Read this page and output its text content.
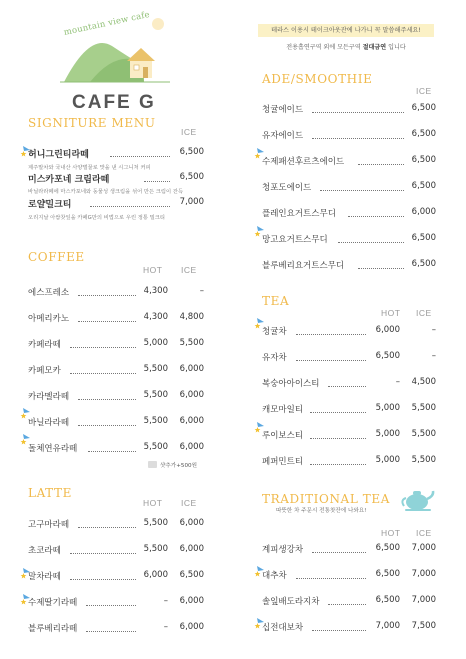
mountain view cafe
CAFE G
테라스 이용시 테이크아웃잔에 나가니 꼭 말씀해주세요!
전용흡연구역 외에 모든구역 절대금연 입니다
SIGNITURE MENU
ICE
허니그린티라떼	6,500
제주말차와 국내산 사양벌꿀로 맛을 낸 시그니처 커피
미스카포네 크림라떼	6,500
바닐라라떼에 마스카포네와 동물성 생크림을 섞어 만든 크림이 잔득
로얄밀크티	7,000
오리지날 아쌈찻잎을 카페G만의 비법으로 우린 정통 밀크티
COFFEE
HOT ICE
에스프레소	4,300	–
아메리카노	4,300	4,800
카페라떼	5,000	5,500
카페모카	5,500	6,000
카라멜라떼	5,500	6,000
바닐라라떼	5,500	6,000
돌체연유라떼	5,500	6,000
샷추가+500원
LATTE
HOT ICE
고구마라떼	5,500	6,000
초코라떼	5,500	6,000
말차라떼	6,000	6,500
수제딸기라떼	–	6,000
블루베리라떼	–	6,000
ADE/SMOOTHIE
ICE
청귤에이드	6,500
유자에이드	6,500
수제패션후르츠에이드	6,500
청포도에이드	6,500
플레인요거트스무디	6,000
망고요거트스무디	6,500
블루베리요거트스무디	6,500
TEA
HOT ICE
청귤차	6,000	–
유자차	6,500	–
복숭아아이스티	–	4,500
캐모마일티	5,000	5,500
루이보스티	5,000	5,500
페퍼민트티	5,000	5,500
TRADITIONAL TEA
따뜻한 차 주문시 전통찻잔에 나와요!
HOT ICE
계피생강차	6,500	7,000
대추차	6,500	7,000
솔잎배도라지차	6,500	7,000
십전대보차	7,000	7,500
